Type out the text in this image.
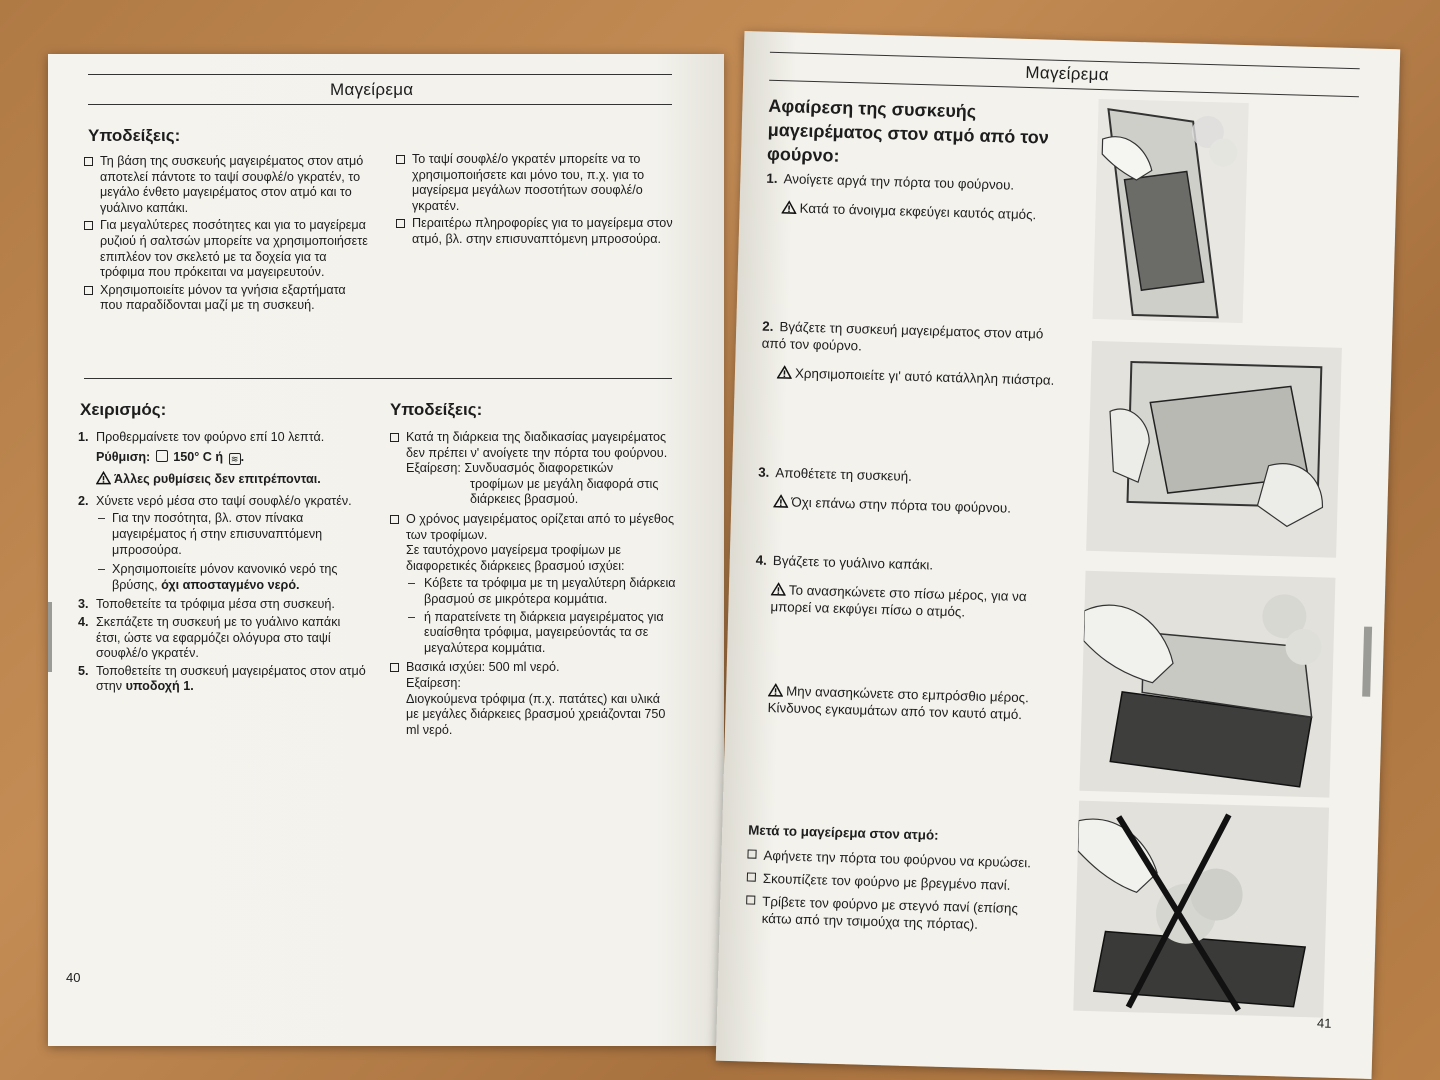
Μαγείρεμα
Υποδείξεις:
Τη βάση της συσκευής μαγειρέματος στον ατμό αποτελεί πάντοτε το ταψί σουφλέ/ο γκρατέν, το μεγάλο ένθετο μαγειρέματος στον ατμό και το γυάλινο καπάκι.
Για μεγαλύτερες ποσότητες και για το μαγείρεμα ρυζιού ή σαλτσών μπορείτε να χρησιμοποιήσετε επιπλέον τον σκελετό με τα δοχεία για τα τρόφιμα που πρόκειται να μαγειρευτούν.
Χρησιμοποιείτε μόνον τα γνήσια εξαρτήματα που παραδίδονται μαζί με τη συσκευή.
Το ταψί σουφλέ/ο γκρατέν μπορείτε να το χρησιμοποιήσετε και μόνο του, π.χ. για το μαγείρεμα μεγάλων ποσοτήτων σουφλέ/ο γκρατέν.
Περαιτέρω πληροφορίες για το μαγείρεμα στον ατμό, βλ. στην επισυναπτόμενη μπροσούρα.
Χειρισμός:
1. Προθερμαίνετε τον φούρνο επί 10 λεπτά.
Ρύθμιση: 150° C ή ≋ .
Άλλες ρυθμίσεις δεν επιτρέπονται.
2. Χύνετε νερό μέσα στο ταψί σουφλέ/ο γκρατέν.
– Για την ποσότητα, βλ. στον πίνακα μαγειρέματος ή στην επισυναπτόμενη μπροσούρα.
– Χρησιμοποιείτε μόνον κανονικό νερό της βρύσης, όχι αποσταγμένο νερό.
3. Τοποθετείτε τα τρόφιμα μέσα στη συσκευή.
4. Σκεπάζετε τη συσκευή με το γυάλινο καπάκι έτσι, ώστε να εφαρμόζει ολόγυρα στο ταψί σουφλέ/ο γκρατέν.
5. Τοποθετείτε τη συσκευή μαγειρέματος στον ατμό στην υποδοχή 1.
Υποδείξεις:
Κατά τη διάρκεια της διαδικασίας μαγειρέματος δεν πρέπει ν' ανοίγετε την πόρτα του φούρνου.
Εξαίρεση: Συνδυασμός διαφορετικών
τροφίμων με μεγάλη διαφορά στις διάρκειες βρασμού.
Ο χρόνος μαγειρέματος ορίζεται από το μέγεθος των τροφίμων.
Σε ταυτόχρονο μαγείρεμα τροφίμων με διαφορετικές διάρκειες βρασμού ισχύει:
– Κόβετε τα τρόφιμα με τη μεγαλύτερη διάρκεια βρασμού σε μικρότερα κομμάτια.
– ή παρατείνετε τη διάρκεια μαγειρέματος για ευαίσθητα τρόφιμα, μαγειρεύοντάς τα σε μεγαλύτερα κομμάτια.
Βασικά ισχύει: 500 ml νερό.
Εξαίρεση:
Διογκούμενα τρόφιμα (π.χ. πατάτες) και υλικά με μεγάλες διάρκειες βρασμού χρειάζονται 750 ml νερό.
40
Μαγείρεμα
Αφαίρεση της συσκευής μαγειρέματος στον ατμό από τον φούρνο:
1. Ανοίγετε αργά την πόρτα του φούρνου.
Κατά το άνοιγμα εκφεύγει καυτός ατμός.
2. Βγάζετε τη συσκευή μαγειρέματος στον ατμό από τον φούρνο.
Χρησιμοποιείτε γι' αυτό κατάλληλη πιάστρα.
3. Αποθέτετε τη συσκευή.
Όχι επάνω στην πόρτα του φούρνου.
4. Βγάζετε το γυάλινο καπάκι.
Το ανασηκώνετε στο πίσω μέρος, για να μπορεί να εκφύγει πίσω ο ατμός.
Μην ανασηκώνετε στο εμπρόσθιο μέρος.
Κίνδυνος εγκαυμάτων από τον καυτό ατμό.
Μετά το μαγείρεμα στον ατμό:
Αφήνετε την πόρτα του φούρνου να κρυώσει.
Σκουπίζετε τον φούρνο με βρεγμένο πανί.
Τρίβετε τον φούρνο με στεγνό πανί (επίσης κάτω από την τσιμούχα της πόρτας).
41
